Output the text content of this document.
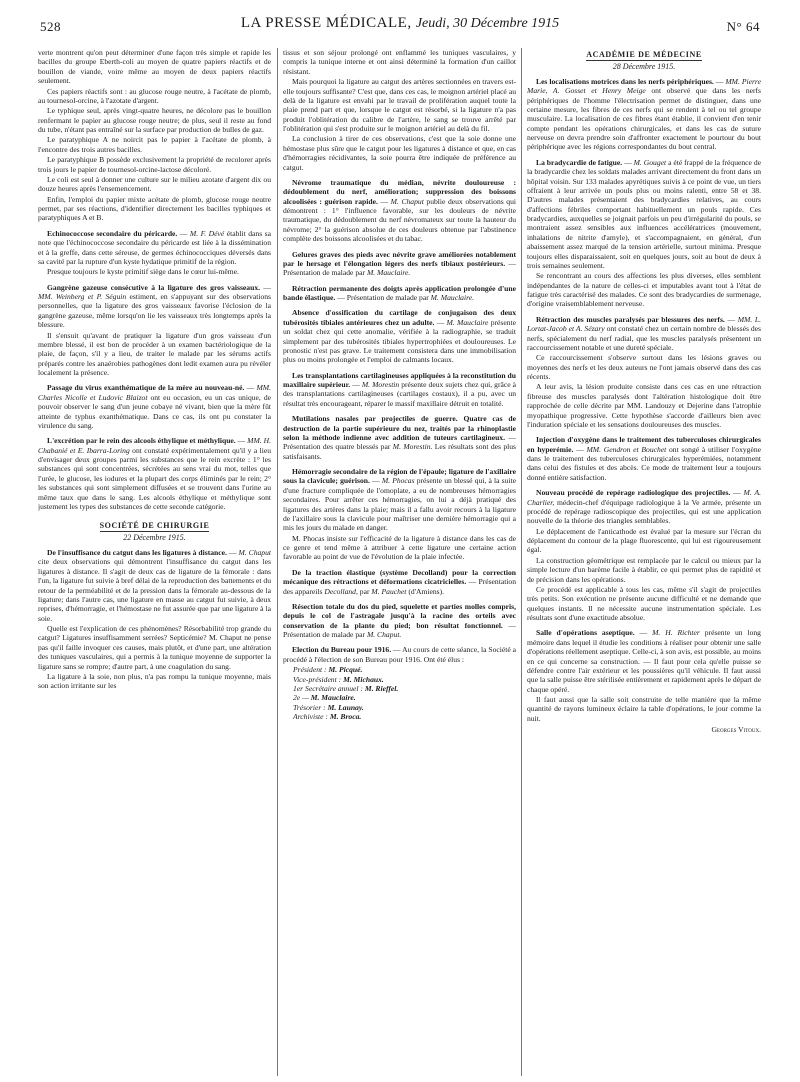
528	LA PRESSE MÉDICALE, Jeudi, 30 Décembre 1915	N° 64

verte montrent qu'on peut déterminer d'une façon très simple et rapide les bacilles du groupe Eberth-coli au moyen de quatre papiers réactifs et de bouillon de viande, voire même au moyen de deux papiers réactifs seulement.

Ces papiers réactifs sont : au glucose rouge neutre, à l'acétate de plomb, au tournesol-orcine, à l'azotate d'argent.

Le typhique seul, après vingt-quatre heures, ne décolore pas le bouillon renfermant le papier au glucose rouge neutre; de plus, seul il reste au fond du tube, n'étant pas entraîné sur la surface par production de bulles de gaz.

Le paratyphique A ne noircit pas le papier à l'acétate de plomb, à l'encontre des trois autres bacilles.

Le paratyphique B possède exclusivement la propriété de recolorer après trois jours le papier de tournesol-orcine-lactose décoloré.

Le coli est seul à donner une culture sur le milieu azotate d'argent dix ou douze heures après l'ensemencement.

Enfin, l'emploi du papier mixte acétate de plomb, glucose rouge neutre permet, par ses réactions, d'identifier directement les bacilles typhiques et paratyphiques A et B.

Echinococcose secondaire du péricarde. — M. F. Dévé établit dans sa note que l'échinococcose secondaire du péricarde est liée à la dissémination et à la greffe, dans cette séreuse, de germes échinococciques déversés dans sa cavité par la rupture d'un kyste hydatique primitif de la région.

Presque toujours le kyste primitif siège dans le cœur lui-même.

Gangrène gazeuse consécutive à la ligature des gros vaisseaux. — MM. Weinberg et P. Séguin estiment, en s'appuyant sur des observations personnelles, que la ligature des gros vaisseaux favorise l'éclosion de la gangrène gazeuse, même lorsqu'on lie les vaisseaux très longtemps après la blessure.

Il s'ensuit qu'avant de pratiquer la ligature d'un gros vaisseau d'un membre blessé, il est bon de procéder à un examen bactériologique de la plaie, de façon, s'il y a lieu, de traiter le malade par les sérums actifs préparés contre les anaérobies pathogènes dont ledit examen aura pu révéler localement la présence.

Passage du virus exanthématique de la mère au nouveau-né. — MM. Charles Nicolle et Ludovic Blaizot ont eu occasion, eu un cas unique, de pouvoir observer le sang d'un jeune cobaye né vivant, bien que la mère fût atteinte de typhus exanthématique. Dans ce cas, ils ont pu constater la virulence du sang.

L'excrétion par le rein des alcools éthylique et méthylique. — MM. H. Chabanié et E. Ibarra-Loring ont constaté expérimentalement qu'il y a lieu d'envisager deux groupes parmi les substances que le rein excrète : 1° les substances qui sont concentrées, sécrétées au sens vrai du mot, telles que l'urée, le glucose, les iodures et la plupart des corps éliminés par le rein; 2° les substances qui sont simplement diffusées et se trouvent dans l'urine au même taux que dans le sang. Les alcools éthylique et méthylique sont justement les types des substances de cette seconde catégorie.

SOCIÉTÉ DE CHIRURGIE
22 Décembre 1915.

De l'insuffisance du catgut dans les ligatures à distance. — M. Chaput cite deux observations qui démontrent l'insuffisance du catgut dans les ligatures à distance. Il s'agit de deux cas de ligature de la fémorale : dans l'un, la ligature fut suivie à bref délai de la reproduction des battements et du retour de la perméabilité et de la pression dans la fémorale au-dessous de la ligature; dans l'autre cas, une ligature en masse au catgut fut suivie, à deux reprises, d'hémorragie, et l'hémostase ne fut assurée que par une ligature à la soie.

Quelle est l'explication de ces phénomènes? Résorbabilité trop grande du catgut? Ligatures insuffisamment serrées? Septicémie? M. Chaput ne pense pas qu'il faille invoquer ces causes, mais plutôt, et d'une part, une altération des tuniques vasculaires, qui a permis à la tunique moyenne de supporter la ligature sans se rompre; d'autre part, à une coagulation du sang.

La ligature à la soie, non plus, n'a pas rompu la tunique moyenne, mais son action irritante sur les

tissus et son séjour prolongé ont enflammé les tuniques vasculaires, y compris la tunique interne et ont ainsi déterminé la formation d'un caillot résistant.

Mais pourquoi la ligature au catgut des artères sectionnées en travers est-elle toujours suffisante? C'est que, dans ces cas, le moignon artériel placé au delà de la ligature est envahi par le travail de prolifération auquel toute la plaie prend part et que, lorsque le catgut est résorbé, si la ligature n'a pas produit l'oblitération du calibre de l'artère, le sang se trouve arrêté par l'oblitération qui s'est produite sur le moignon artériel au delà du fil.

La conclusion à tirer de ces observations, c'est que la soie donne une hémostase plus sûre que le catgut pour les ligatures à distance et que, en cas d'hémorragies récidivantes, la soie pourra être indiquée de préférence au catgut.

Névrome traumatique du médian, névrite douloureuse : dédoublement du nerf, amélioration; suppression des boissons alcoolisées : guérison rapide. — M. Chaput publie deux observations qui démontrent : 1° l'influence favorable, sur les douleurs de névrite traumatique, du dédoublement du nerf névromateux sur toute la hauteur du névrome; 2° la guérison absolue de ces douleurs obtenue par l'abstinence complète des boissons alcoolisées et du tabac.

Gelures graves des pieds avec névrite grave améliorées notablement par le hersage et l'élongation légers des nerfs tibiaux postérieurs. — Présentation de malade par M. Mauclaire.

Rétraction permanente des doigts après application prolongée d'une bande élastique. — Présentation de malade par M. Mauclaire.

Absence d'ossification du cartilage de conjugaison des deux tubérosités tibiales antérieures chez un adulte. — M. Mauclaire présente un soldat chez qui cette anomalie, vérifiée à la radiographie, se traduit simplement par des tubérosités tibiales hypertrophiées et douloureuses. Le pronostic n'est pas grave. Le traitement consistera dans une immobilisation plus ou moins prolongée et l'emploi de calmants locaux.

Les transplantations cartilagineuses appliquées à la reconstitution du maxillaire supérieur. — M. Morestin présente deux sujets chez qui, grâce à des transplantations cartilagineuses (cartilages costaux), il a pu, avec un résultat très encourageant, réparer le massif maxillaire détruit en totalité.

Mutilations nasales par projectiles de guerre. Quatre cas de destruction de la partie supérieure du nez, traités par la rhinoplastie selon la méthode indienne avec addition de tuteurs cartilagineux. — Présentation des quatre blessés par M. Morestin. Les résultats sont des plus satisfaisants.

Hémorragie secondaire de la région de l'épaule; ligature de l'axillaire sous la clavicule; guérison. — M. Phocas présente un blessé qui, à la suite d'une fracture compliquée de l'omoplate, a eu de nombreuses hémorragies secondaires. Pour arrêter ces hémorragies, on lui a déjà pratiqué des ligatures des artères dans la plaie; mais il a fallu avoir recours à la ligature de l'axillaire sous la clavicule pour maîtriser une dernière hémorragie qui a mis les jours du malade en danger.

M. Phocas insiste sur l'efficacité de la ligature à distance dans les cas de ce genre et tend même à attribuer à cette ligature une certaine action favorable au point de vue de l'évolution de la plaie infectée.

De la traction élastique (système Decolland) pour la correction mécanique des rétractions et déformations cicatricielles. — Présentation des appareils Decolland, par M. Pauchet (d'Amiens).

Résection totale du dos du pied, squelette et parties molles compris, depuis le col de l'astragale jusqu'à la racine des orteils avec conservation de la plante du pied; bon résultat fonctionnel. — Présentation de malade par M. Chaput.

Election du Bureau pour 1916. — Au cours de cette séance, la Société a procédé à l'élection de son Bureau pour 1916. Ont été élus :

Président : M. Picqué.
Vice-président : M. Michaux.
1er Secrétaire annuel : M. Rieffel.
2e — M. Mauclaire.
Trésorier : M. Launay.
Archiviste : M. Broca.
ACADÉMIE DE MÉDECINE
28 Décembre 1915.

Les localisations motrices dans les nerfs périphériques. — MM. Pierre Marie, A. Gosset et Henry Meige ont observé que dans les nerfs périphériques de l'homme l'électrisation permet de distinguer, dans une certaine mesure, les fibres de ces nerfs qui se rendent à tel ou tel groupe musculaire. La localisation de ces fibres étant établie, il convient d'en tenir compte pendant les opérations chirurgicales, et dans les cas de suture nerveuse on devra prendre soin d'affronter exactement le pourtour du bout périphérique avec les régions correspondantes du bout central.

La bradycardie de fatigue. — M. Gouget a été frappé de la fréquence de la bradycardie chez les soldats malades arrivant directement du front dans un hôpital voisin. Sur 133 malades apyrétiques suivis à ce point de vue, un tiers offraient à leur arrivée un pouls plus ou moins ralenti, entre 58 et 38. D'autres malades présentaient des bradycardies relatives, au cours d'affections fébriles comportant habituellement un pouls rapide. Ces bradycardies, auxquelles se joignait parfois un peu d'irrégularité du pouls, se montraient assez sensibles aux influences accélératrices (mouvement, inhalations de nitrite d'amyle), et s'accompagnaient, en général, d'un abaissement assez marqué de la tension artérielle, surtout minima. Presque toujours elles disparaissaient, soit en quelques jours, soit au bout de deux à trois semaines seulement.

Se rencontrant au cours des affections les plus diverses, elles semblent indépendantes de la nature de celles-ci et imputables avant tout à l'état de fatigue très caractérisé des malades. Ce sont des bradycardies de surmenage, d'origine vraisemblablement nerveuse.

Rétraction des muscles paralysés par blessures des nerfs. — MM. L. Lortat-Jacob et A. Sézary ont constaté chez un certain nombre de blessés des nerfs, spécialement du nerf radial, que les muscles paralysés présentent un raccourcissement notable et une dureté spéciale.

Ce raccourcissement s'observe surtout dans les lésions graves ou moyennes des nerfs et les deux auteurs ne l'ont jamais observé dans des cas récents.

A leur avis, la lésion produite consiste dans ces cas en une rétraction fibreuse des muscles paralysés dont l'altération histologique doit être rapprochée de celle décrite par MM. Landouzy et Dejerine dans l'atrophie myopathique progressive. Cette hypothèse s'accorde d'ailleurs bien avec l'induration spéciale et les sensations douloureuses des muscles.

Injection d'oxygène dans le traitement des tuberculoses chirurgicales en hyperémie. — MM. Gendron et Bouchet ont songé à utiliser l'oxygène dans le traitement des tuberculoses chirurgicales hyperémiées, notamment dans celui des fistules et des abcès. Ce mode de traitement leur a toujours donné entière satisfaction.

Nouveau procédé de repérage radiologique des projectiles. — M. A. Charlier, médecin-chef d'équipage radiologique à la Ve armée, présente un procédé de repérage radioscopique des projectiles, qui est une application nouvelle de la théorie des triangles semblables.

Le déplacement de l'anticathode est évalué par la mesure sur l'écran du déplacement du contour de la plage fluorescente, qui lui est rigoureusement égal.

La construction géométrique est remplacée par le calcul ou mieux par la simple lecture d'un barème facile à établir, ce qui permet plus de rapidité et de précision dans les opérations.

Ce procédé est applicable à tous les cas, même s'il s'agit de projectiles très petits. Son exécution ne présente aucune difficulté et ne demande que quelques instants. Il ne nécessite aucune instrumentation spéciale. Les résultats sont d'une exactitude absolue.

Salle d'opérations aseptique. — M. H. Richter présente un long mémoire dans lequel il étudie les conditions à réaliser pour obtenir une salle d'opérations réellement aseptique. Celle-ci, à son avis, est possible, au moins en ce qui concerne sa construction. — Il faut pour cela qu'elle puisse se défendre contre l'air extérieur et les poussières qu'il véhicule. Il faut aussi que la salle puisse être stérilisée entièrement et rapidement après le départ de chaque opéré.

Il faut aussi que la salle soit construite de telle manière que la même quantité de rayons lumineux éclaire la table d'opérations, le jour comme la nuit.

Georges Vitoux.
